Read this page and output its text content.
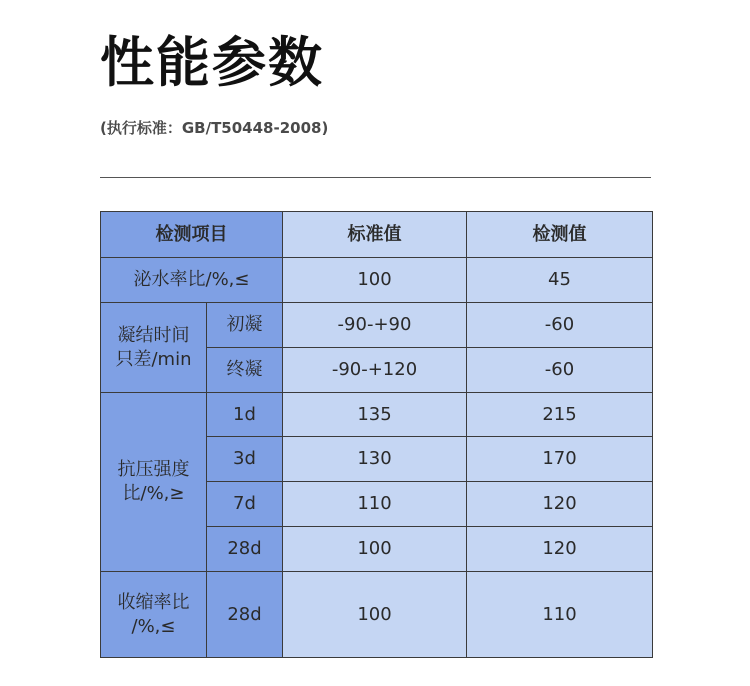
性能参数
(执行标准：GB/T50448-2008)
检测项目		标准值	检测值
泌水率比/%,≤		100	45

凝结时间
只差/min	初凝	-90-+90	-60
	终凝	-90-+120	-60

抗压强度
比/%,≥	1d	135	215
	3d	130	170
	7d	110	120
	28d	100	120

收缩率比
/%,≤	28d	100	110
